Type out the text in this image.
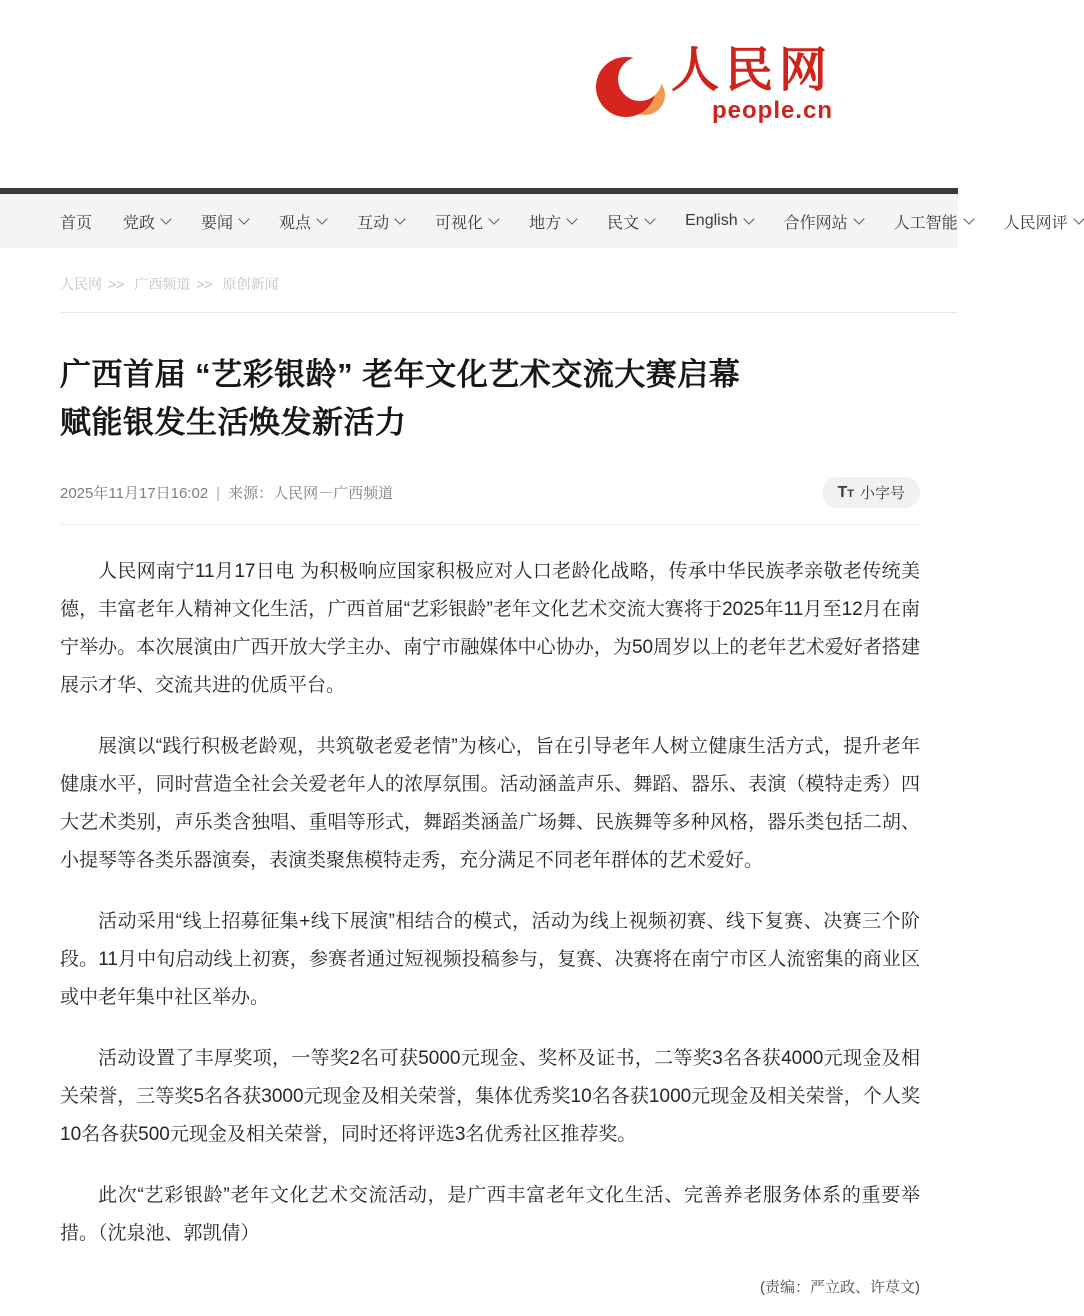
人民网
people.cn
首页 党政	要闻	观点	互动	可视化	地方	民文	English	合作网站	人工智能	人民网评
人民网 >> 广西频道 >> 原创新闻
广西首届 “艺彩银龄” 老年文化艺术交流大赛启幕
赋能银发生活焕发新活力
2025年11月17日16:02 | 来源：人民网－广西频道	TT 小字号

人民网南宁11月17日电 为积极响应国家积极应对人口老龄化战略，传承中华民族孝亲敬老传统美德，丰富老年人精神文化生活，广西首届“艺彩银龄”老年文化艺术交流大赛将于2025年11月至12月在南宁举办。本次展演由广西开放大学主办、南宁市融媒体中心协办，为50周岁以上的老年艺术爱好者搭建展示才华、交流共进的优质平台。

展演以“践行积极老龄观，共筑敬老爱老情”为核心，旨在引导老年人树立健康生活方式，提升老年健康水平，同时营造全社会关爱老年人的浓厚氛围。活动涵盖声乐、舞蹈、器乐、表演（模特走秀）四大艺术类别，声乐类含独唱、重唱等形式，舞蹈类涵盖广场舞、民族舞等多种风格，器乐类包括二胡、小提琴等各类乐器演奏，表演类聚焦模特走秀，充分满足不同老年群体的艺术爱好。

活动采用“线上招募征集+线下展演”相结合的模式，活动为线上视频初赛、线下复赛、决赛三个阶段。11月中旬启动线上初赛，参赛者通过短视频投稿参与，复赛、决赛将在南宁市区人流密集的商业区或中老年集中社区举办。

活动设置了丰厚奖项，一等奖2名可获5000元现金、奖杯及证书，二等奖3名各获4000元现金及相关荣誉，三等奖5名各获3000元现金及相关荣誉，集体优秀奖10名各获1000元现金及相关荣誉，个人奖10名各获500元现金及相关荣誉，同时还将评选3名优秀社区推荐奖。

此次“艺彩银龄”老年文化艺术交流活动，是广西丰富老年文化生活、完善养老服务体系的重要举措。（沈泉池、郭凯倩）

(责编：严立政、许荩文)
